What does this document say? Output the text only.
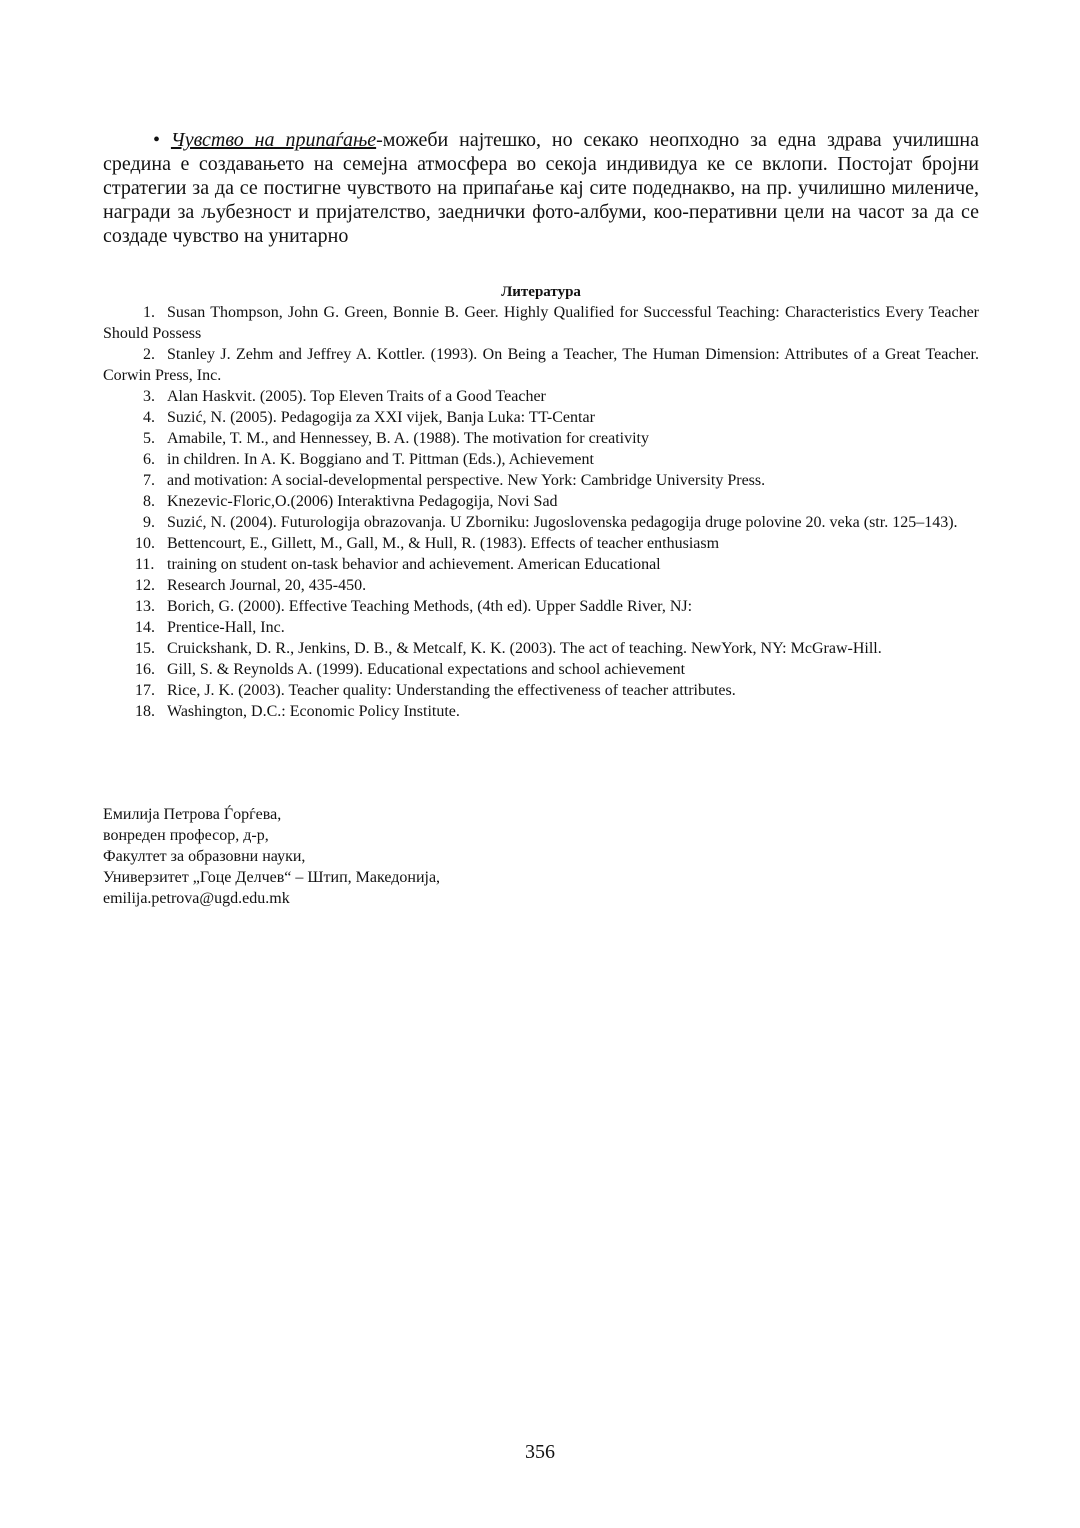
• Чувство на припаѓање-можеби најтешко, но секако неопходно за една здрава училишна средина е создавањето на семејна атмосфера во секоја индивидуа ке се вклопи. Постојат бројни стратегии за да се постигне чувството на припаѓање кај сите подеднакво, на пр. училишно миленичe, награди за љубезност и пријателство, заеднички фото-албуми, коо-перативни цели на часот за да се создаде чувство на унитарно
Литература
1. Susan Thompson, John G. Green, Bonnie B. Geer. Highly Qualified for Successful Teaching: Characteristics Every Teacher Should Possess
2. Stanley J. Zehm and Jeffrey A. Kottler. (1993). On Being a Teacher, The Human Dimension: Attributes of a Great Teacher. Corwin Press, Inc.
3. Alan Haskvit. (2005). Top Eleven Traits of a Good Teacher
4. Suzić, N. (2005). Pedagogija za XXI vijek, Banja Luka: TT-Centar
5. Amabile, T. M., and Hennessey, B. A. (1988). The motivation for creativity
6. in children. In A. K. Boggiano and T. Pittman (Eds.), Achievement
7. and motivation: A social-developmental perspective. New York: Cambridge University Press.
8. Knezevic-Floric,O.(2006) Interaktivna Pedagogija, Novi Sad
9. Suzić, N. (2004). Futurologija obrazovanja. U Zborniku: Jugoslovenska pedagogija druge polovine 20. veka (str. 125–143).
10. Bettencourt, E., Gillett, M., Gall, M., & Hull, R. (1983). Effects of teacher enthusiasm
11. training on student on-task behavior and achievement. American Educational
12. Research Journal, 20, 435-450.
13. Borich, G. (2000). Effective Teaching Methods, (4th ed). Upper Saddle River, NJ:
14. Prentice-Hall, Inc.
15. Cruickshank, D. R., Jenkins, D. B., & Metcalf, K. K. (2003). The act of teaching. NewYork, NY: McGraw-Hill.
16. Gill, S. & Reynolds A. (1999). Educational expectations and school achievement
17. Rice, J. K. (2003). Teacher quality: Understanding the effectiveness of teacher attributes.
18. Washington, D.C.: Economic Policy Institute.
Емилија Петрова Ѓорѓева,
вонреден професор, д-р,
Факултет за образовни науки,
Универзитет „Гоце Делчев“ – Штип, Македонија,
emilija.petrova@ugd.edu.mk
356
